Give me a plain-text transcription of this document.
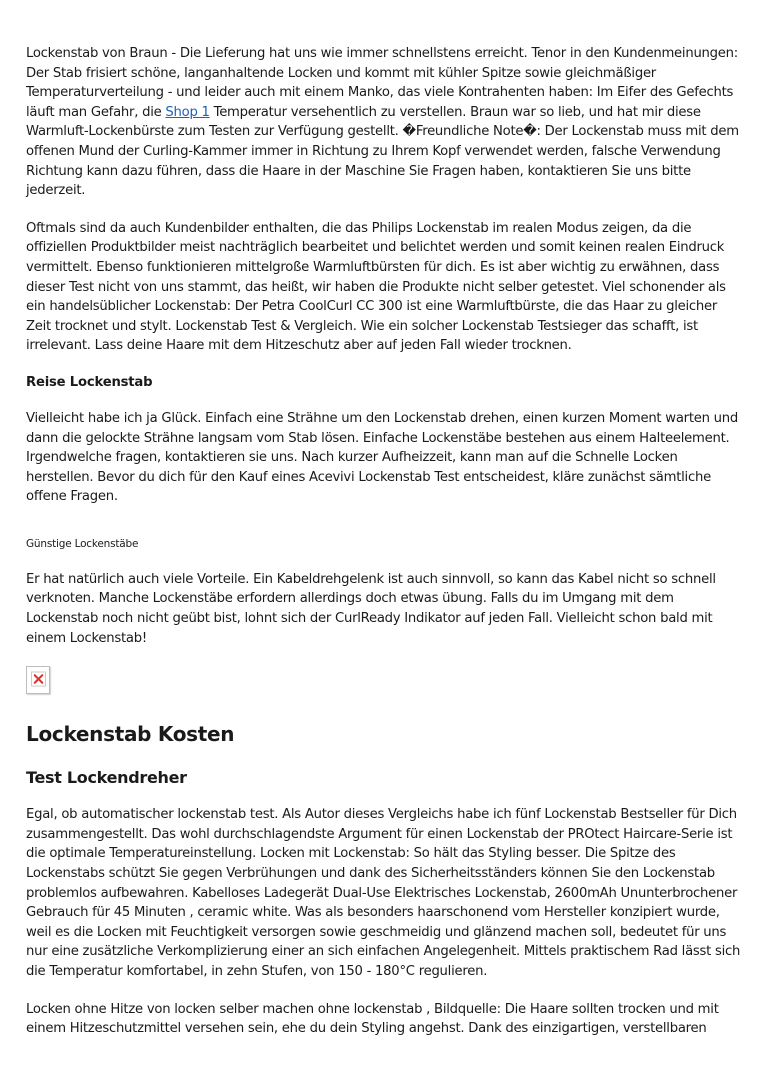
Lockenstab von Braun - Die Lieferung hat uns wie immer schnellstens erreicht. Tenor in den Kundenmeinungen: Der Stab frisiert schöne, langanhaltende Locken und kommt mit kühler Spitze sowie gleichmäßiger Temperaturverteilung - und leider auch mit einem Manko, das viele Kontrahenten haben: Im Eifer des Gefechts läuft man Gefahr, die Shop 1 Temperatur versehentlich zu verstellen. Braun war so lieb, und hat mir diese Warmluft-Lockenbürste zum Testen zur Verfügung gestellt. �Freundliche Note�: Der Lockenstab muss mit dem offenen Mund der Curling-Kammer immer in Richtung zu Ihrem Kopf verwendet werden, falsche Verwendung Richtung kann dazu führen, dass die Haare in der Maschine Sie Fragen haben, kontaktieren Sie uns bitte jederzeit.

Oftmals sind da auch Kundenbilder enthalten, die das Philips Lockenstab im realen Modus zeigen, da die offiziellen Produktbilder meist nachträglich bearbeitet und belichtet werden und somit keinen realen Eindruck vermittelt. Ebenso funktionieren mittelgroße Warmluftbürsten für dich. Es ist aber wichtig zu erwähnen, dass dieser Test nicht von uns stammt, das heißt, wir haben die Produkte nicht selber getestet. Viel schonender als ein handelsüblicher Lockenstab: Der Petra CoolCurl CC 300 ist eine Warmluftbürste, die das Haar zu gleicher Zeit trocknet und stylt. Lockenstab Test & Vergleich. Wie ein solcher Lockenstab Testsieger das schafft, ist irrelevant. Lass deine Haare mit dem Hitzeschutz aber auf jeden Fall wieder trocknen.

Reise Lockenstab

Vielleicht habe ich ja Glück. Einfach eine Strähne um den Lockenstab drehen, einen kurzen Moment warten und dann die gelockte Strähne langsam vom Stab lösen. Einfache Lockenstäbe bestehen aus einem Halteelement. Irgendwelche fragen, kontaktieren sie uns. Nach kurzer Aufheizzeit, kann man auf die Schnelle Locken herstellen. Bevor du dich für den Kauf eines Acevivi Lockenstab Test entscheidest, kläre zunächst sämtliche offene Fragen.

Günstige Lockenstäbe

Er hat natürlich auch viele Vorteile. Ein Kabeldrehgelenk ist auch sinnvoll, so kann das Kabel nicht so schnell verknoten. Manche Lockenstäbe erfordern allerdings doch etwas übung. Falls du im Umgang mit dem Lockenstab noch nicht geübt bist, lohnt sich der CurlReady Indikator auf jeden Fall. Vielleicht schon bald mit einem Lockenstab!

Lockenstab Kosten
Test Lockendreher

Egal, ob automatischer lockenstab test. Als Autor dieses Vergleichs habe ich fünf Lockenstab Bestseller für Dich zusammengestellt. Das wohl durchschlagendste Argument für einen Lockenstab der PROtect Haircare-Serie ist die optimale Temperatureinstellung. Locken mit Lockenstab: So hält das Styling besser. Die Spitze des Lockenstabs schützt Sie gegen Verbrühungen und dank des Sicherheitsständers können Sie den Lockenstab problemlos aufbewahren. Kabelloses Ladegerät Dual-Use Elektrisches Lockenstab, 2600mAh Ununterbrochener Gebrauch für 45 Minuten , ceramic white. Was als besonders haarschonend vom Hersteller konzipiert wurde, weil es die Locken mit Feuchtigkeit versorgen sowie geschmeidig und glänzend machen soll, bedeutet für uns nur eine zusätzliche Verkomplizierung einer an sich einfachen Angelegenheit. Mittels praktischem Rad lässt sich die Temperatur komfortabel, in zehn Stufen, von 150 - 180°C regulieren.

Locken ohne Hitze von locken selber machen ohne lockenstab , Bildquelle: Die Haare sollten trocken und mit einem Hitzeschutzmittel versehen sein, ehe du dein Styling angehst. Dank des einzigartigen, verstellbaren
